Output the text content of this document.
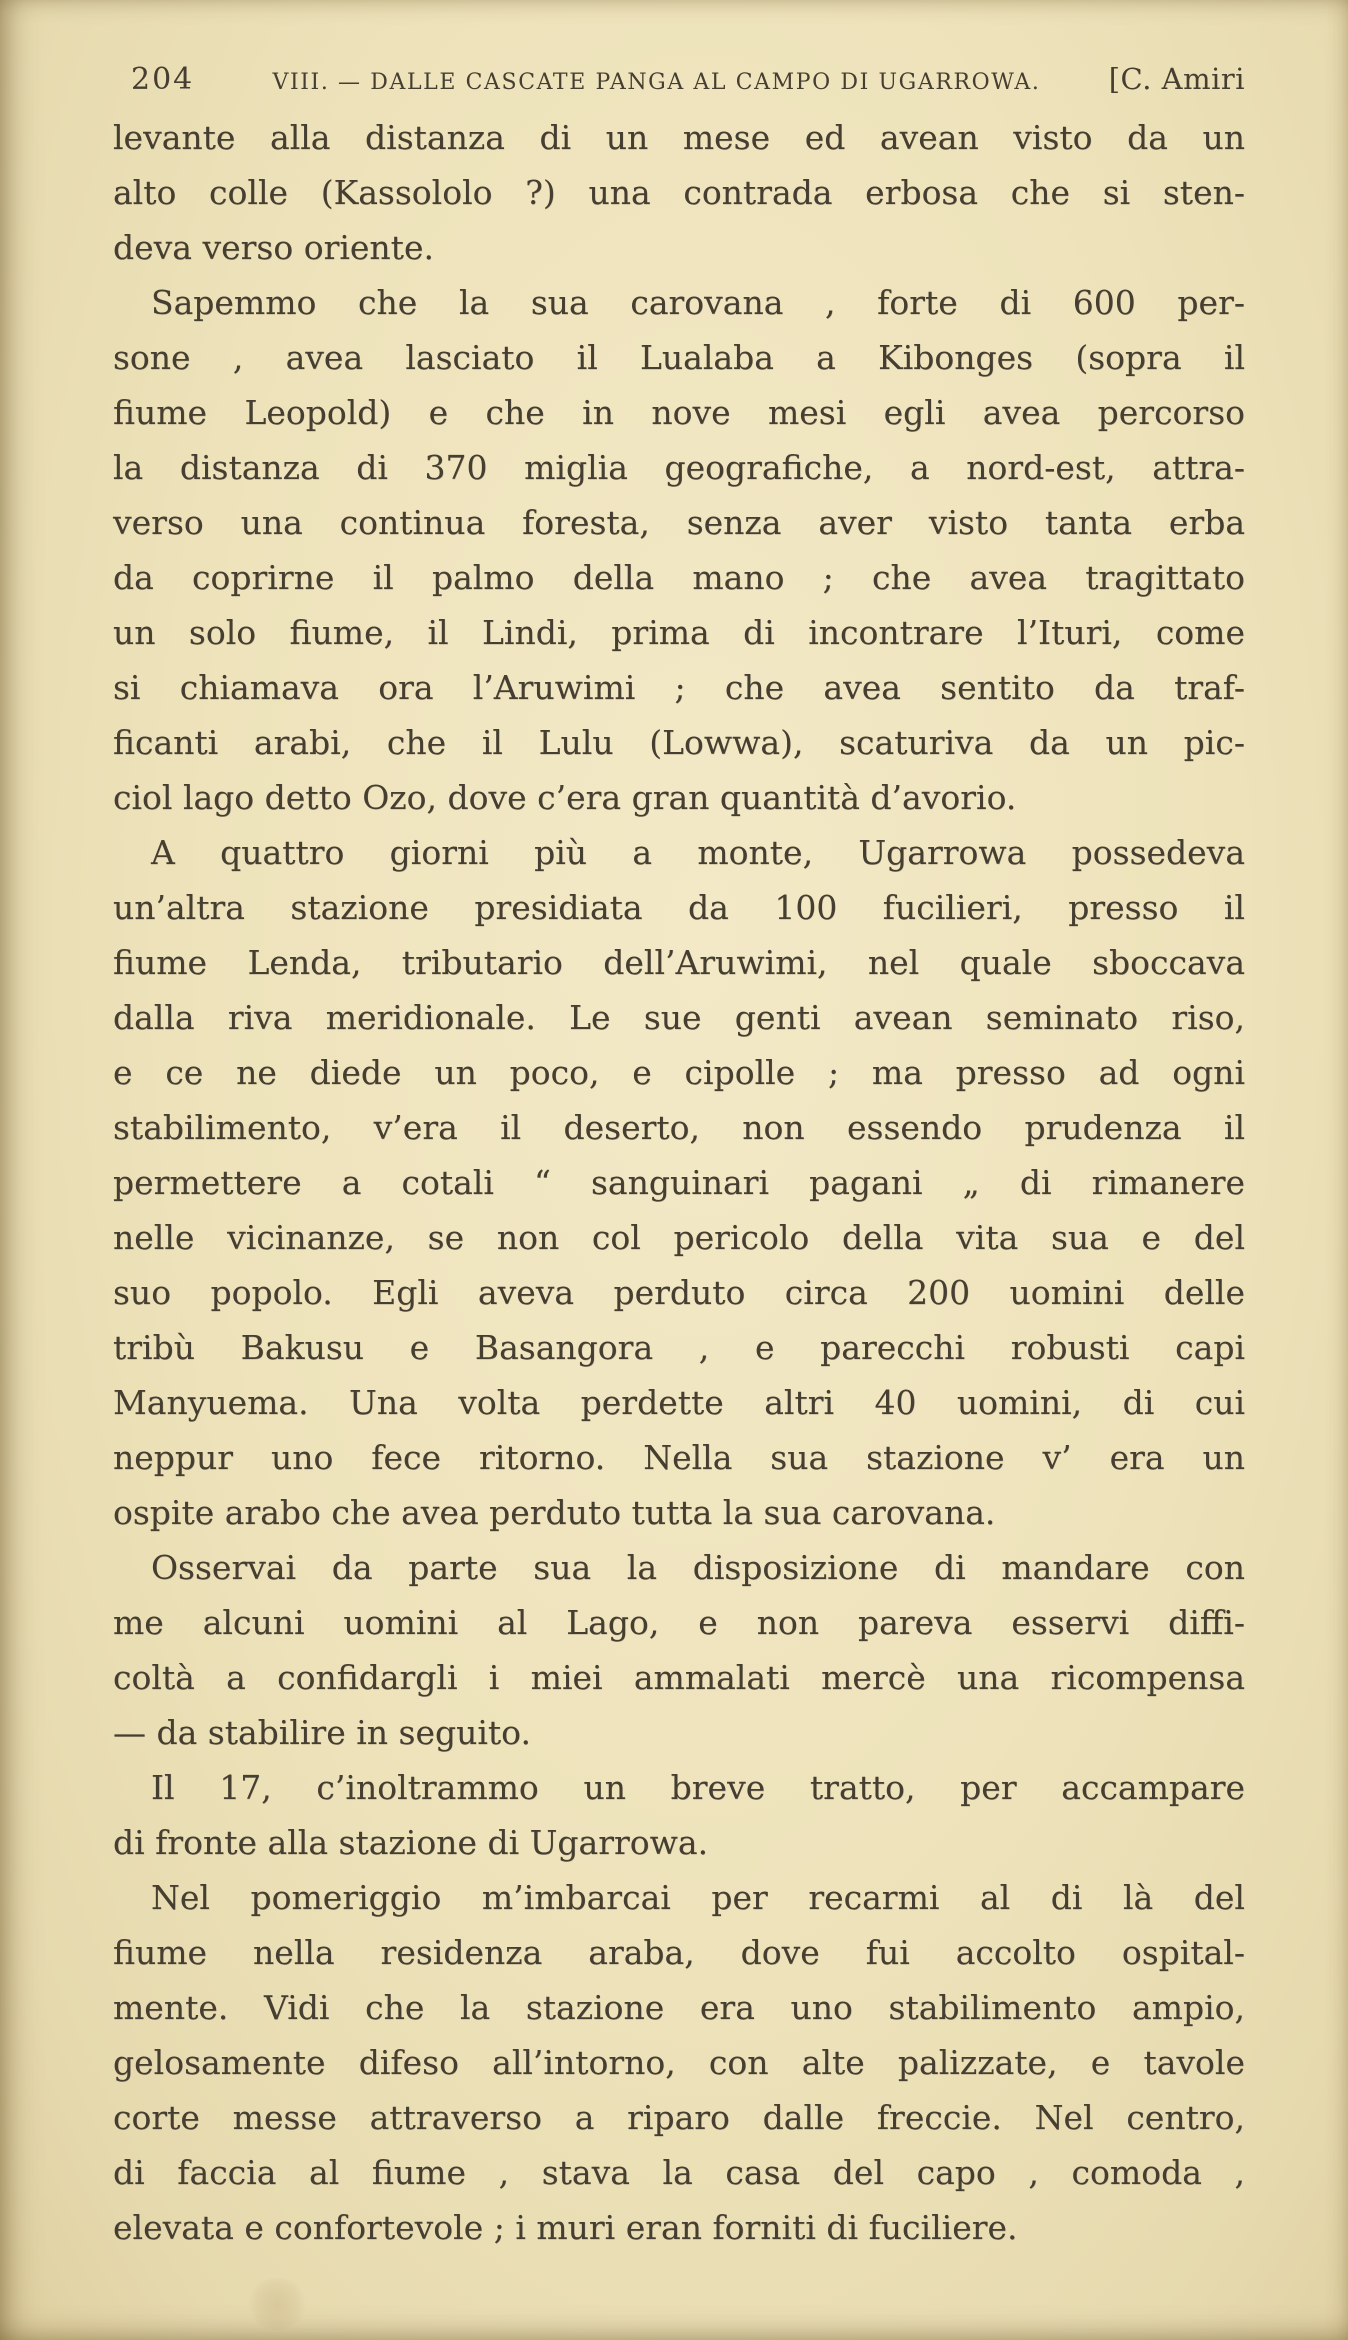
204	VIII. — DALLE CASCATE PANGA AL CAMPO DI UGARROWA.	[C. Amiri
levante alla distanza di un mese ed avean visto da un
alto colle (Kassololo ?) una contrada erbosa che si sten-
deva verso oriente.
Sapemmo che la sua carovana , forte di 600 per-
sone , avea lasciato il Lualaba a Kibonges (sopra il
fiume Leopold) e che in nove mesi egli avea percorso
la distanza di 370 miglia geografiche, a nord-est, attra-
verso una continua foresta, senza aver visto tanta erba
da coprirne il palmo della mano ; che avea tragittato
un solo fiume, il Lindi, prima di incontrare l’Ituri, come
si chiamava ora l’Aruwimi ; che avea sentito da traf-
ficanti arabi, che il Lulu (Lowwa), scaturiva da un pic-
ciol lago detto Ozo, dove c’era gran quantità d’avorio.
A quattro giorni più a monte, Ugarrowa possedeva
un’altra stazione presidiata da 100 fucilieri, presso il
fiume Lenda, tributario dell’Aruwimi, nel quale sboccava
dalla riva meridionale. Le sue genti avean seminato riso,
e ce ne diede un poco, e cipolle ; ma presso ad ogni
stabilimento, v’era il deserto, non essendo prudenza il
permettere a cotali “ sanguinari pagani „ di rimanere
nelle vicinanze, se non col pericolo della vita sua e del
suo popolo. Egli aveva perduto circa 200 uomini delle
tribù Bakusu e Basangora , e parecchi robusti capi
Manyuema. Una volta perdette altri 40 uomini, di cui
neppur uno fece ritorno. Nella sua stazione v’ era un
ospite arabo che avea perduto tutta la sua carovana.
Osservai da parte sua la disposizione di mandare con
me alcuni uomini al Lago, e non pareva esservi diffi-
coltà a confidargli i miei ammalati mercè una ricompensa
— da stabilire in seguito.
Il 17, c’inoltrammo un breve tratto, per accampare
di fronte alla stazione di Ugarrowa.
Nel pomeriggio m’imbarcai per recarmi al di là del
fiume nella residenza araba, dove fui accolto ospital-
mente. Vidi che la stazione era uno stabilimento ampio,
gelosamente difeso all’intorno, con alte palizzate, e tavole
corte messe attraverso a riparo dalle freccie. Nel centro,
di faccia al fiume , stava la casa del capo , comoda ,
elevata e confortevole ; i muri eran forniti di fuciliere.
